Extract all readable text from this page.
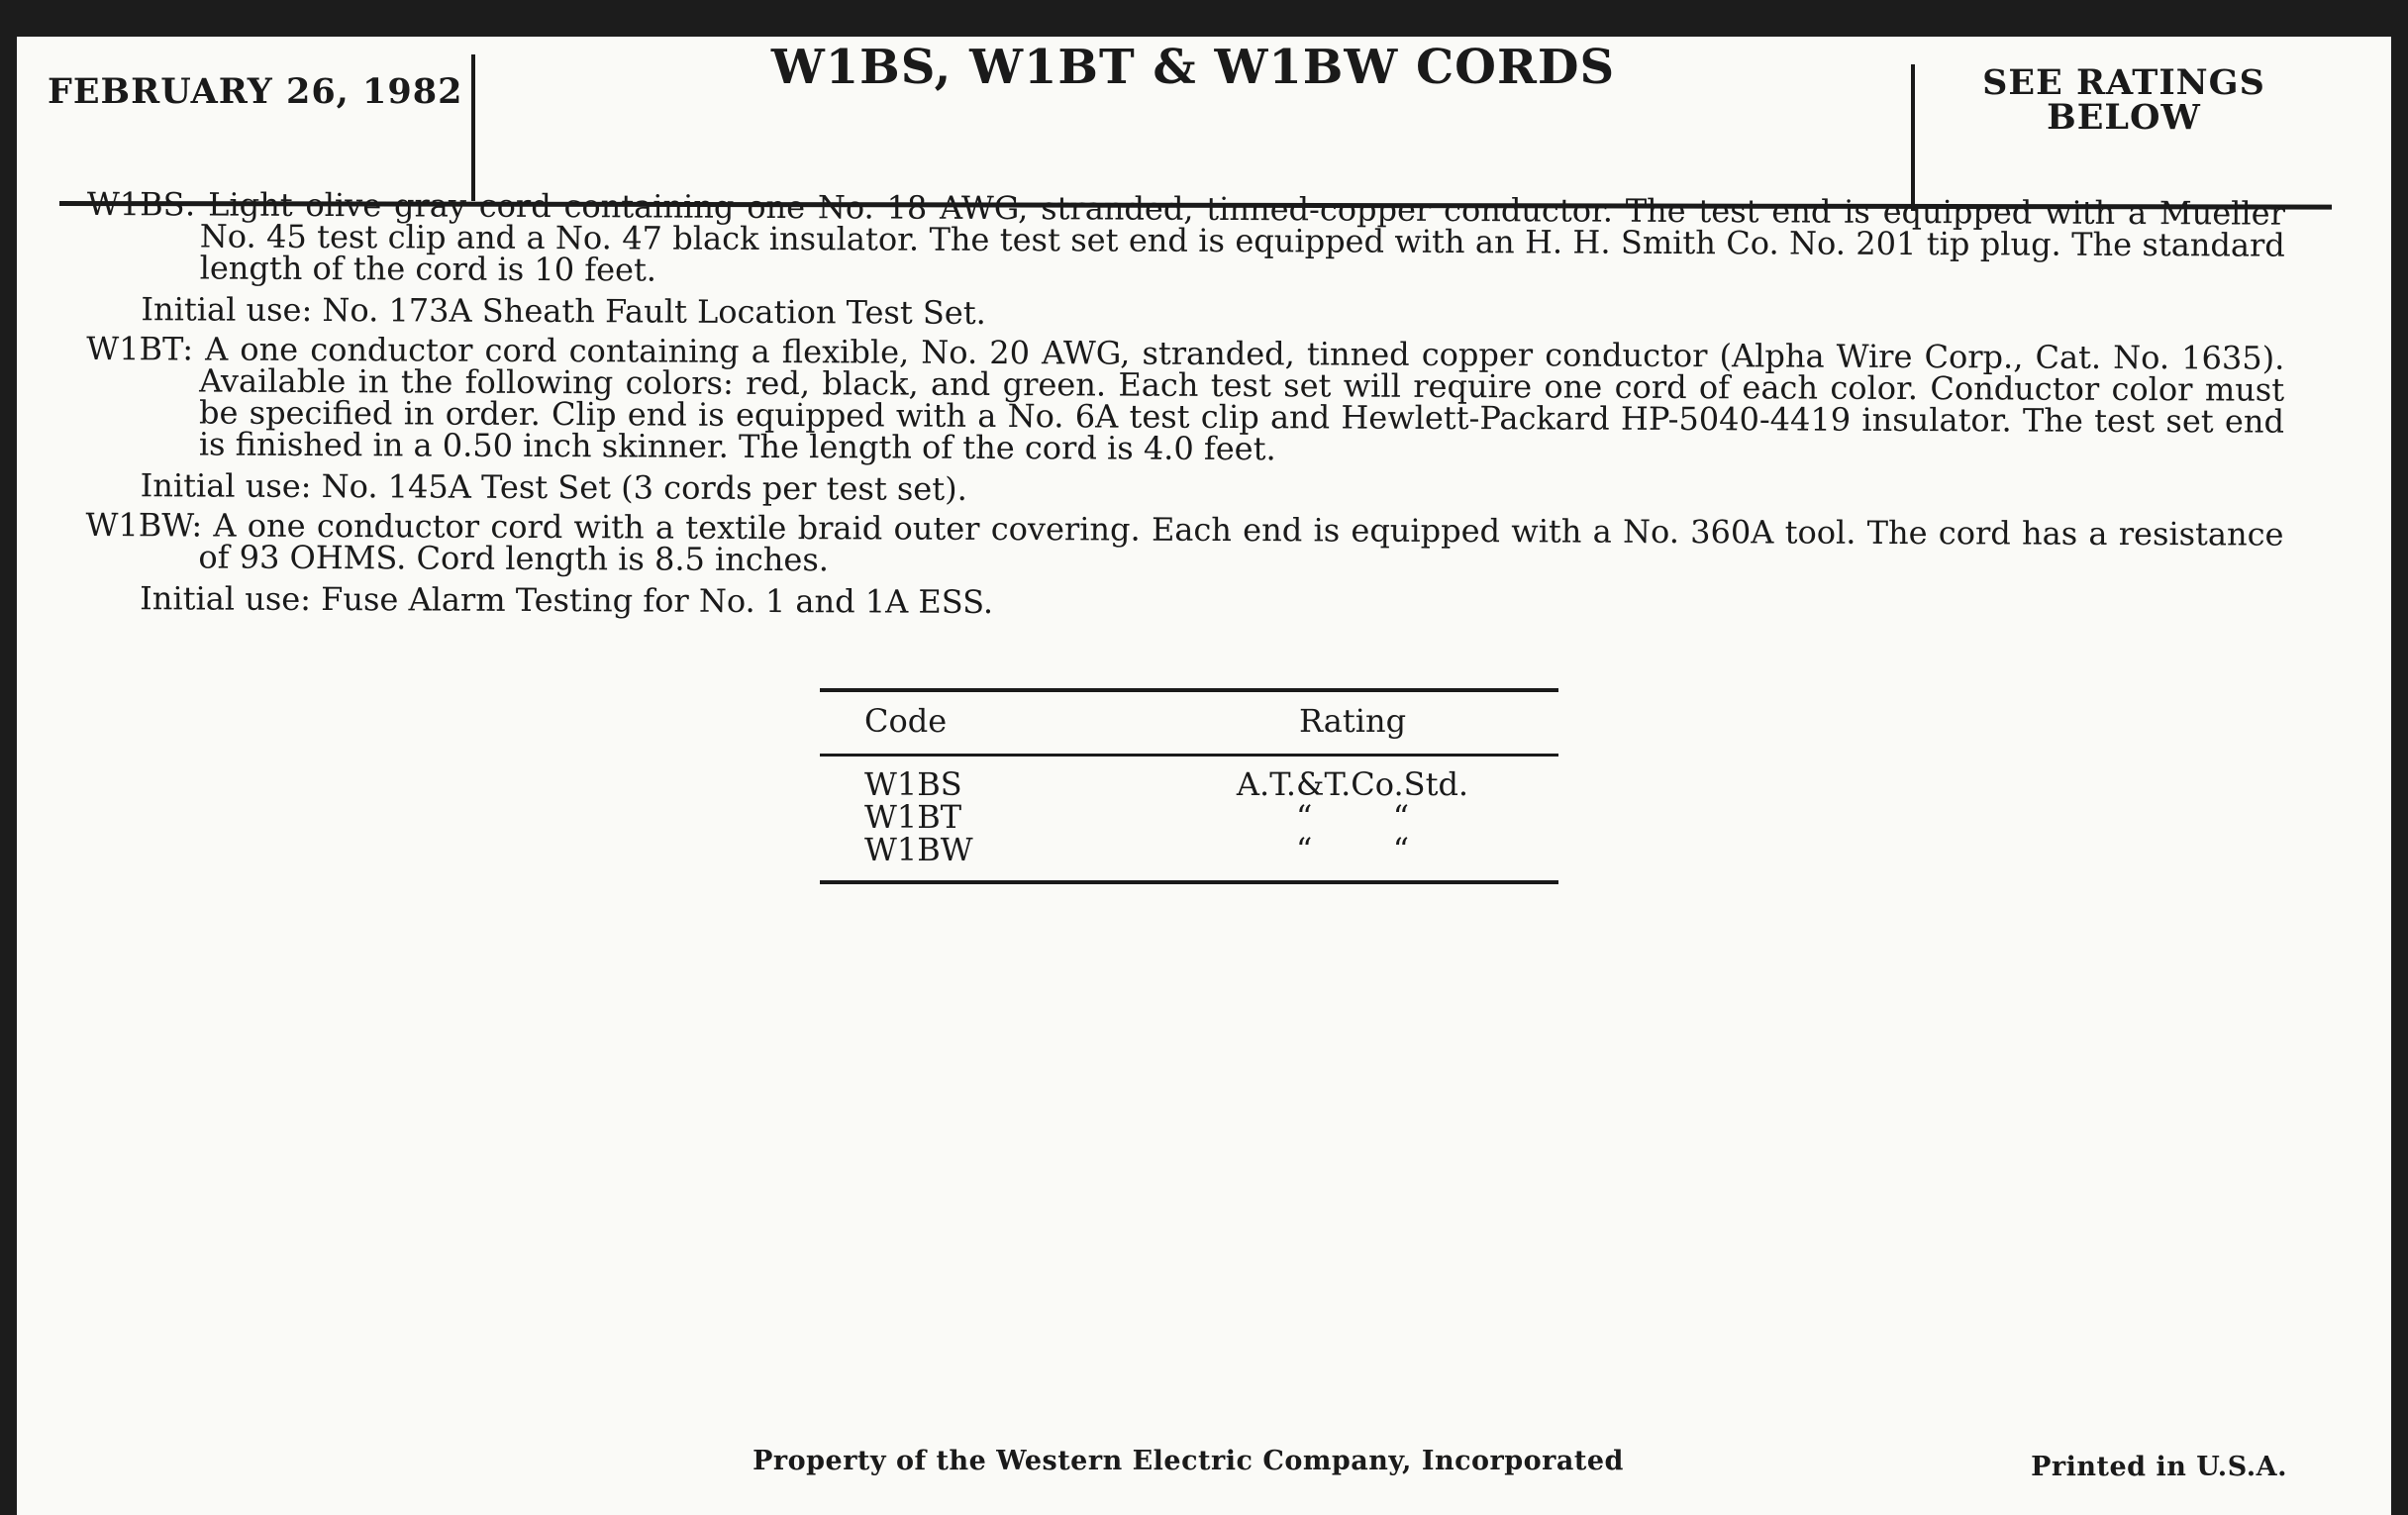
FEBRUARY 26, 1982	W1BS, W1BT & W1BW CORDS	SEE RATINGS
BELOW

W1BS: Light olive gray cord containing one No. 18 AWG, stranded, tinned-copper conductor. The test end is equipped with a Mueller No. 45 test clip and a No. 47 black insulator. The test set end is equipped with an H. H. Smith Co. No. 201 tip plug. The standard length of the cord is 10 feet.

Initial use: No. 173A Sheath Fault Location Test Set.

W1BT: A one conductor cord containing a flexible, No. 20 AWG, stranded, tinned copper conductor (Alpha Wire Corp., Cat. No. 1635). Available in the following colors: red, black, and green. Each test set will require one cord of each color. Conductor color must be specified in order. Clip end is equipped with a No. 6A test clip and Hewlett-Packard HP-5040-4419 insulator. The test set end is finished in a 0.50 inch skinner. The length of the cord is 4.0 feet.

Initial use: No. 145A Test Set (3 cords per test set).

W1BW: A one conductor cord with a textile braid outer covering. Each end is equipped with a No. 360A tool. The cord has a resistance of 93 OHMS. Cord length is 8.5 inches.

Initial use: Fuse Alarm Testing for No. 1 and 1A ESS.
Code	Rating
W1BS	A.T.&T.Co.Std.
W1BT	“        “
W1BW	“        “
Property of the Western Electric Company, Incorporated	Printed in U.S.A.
